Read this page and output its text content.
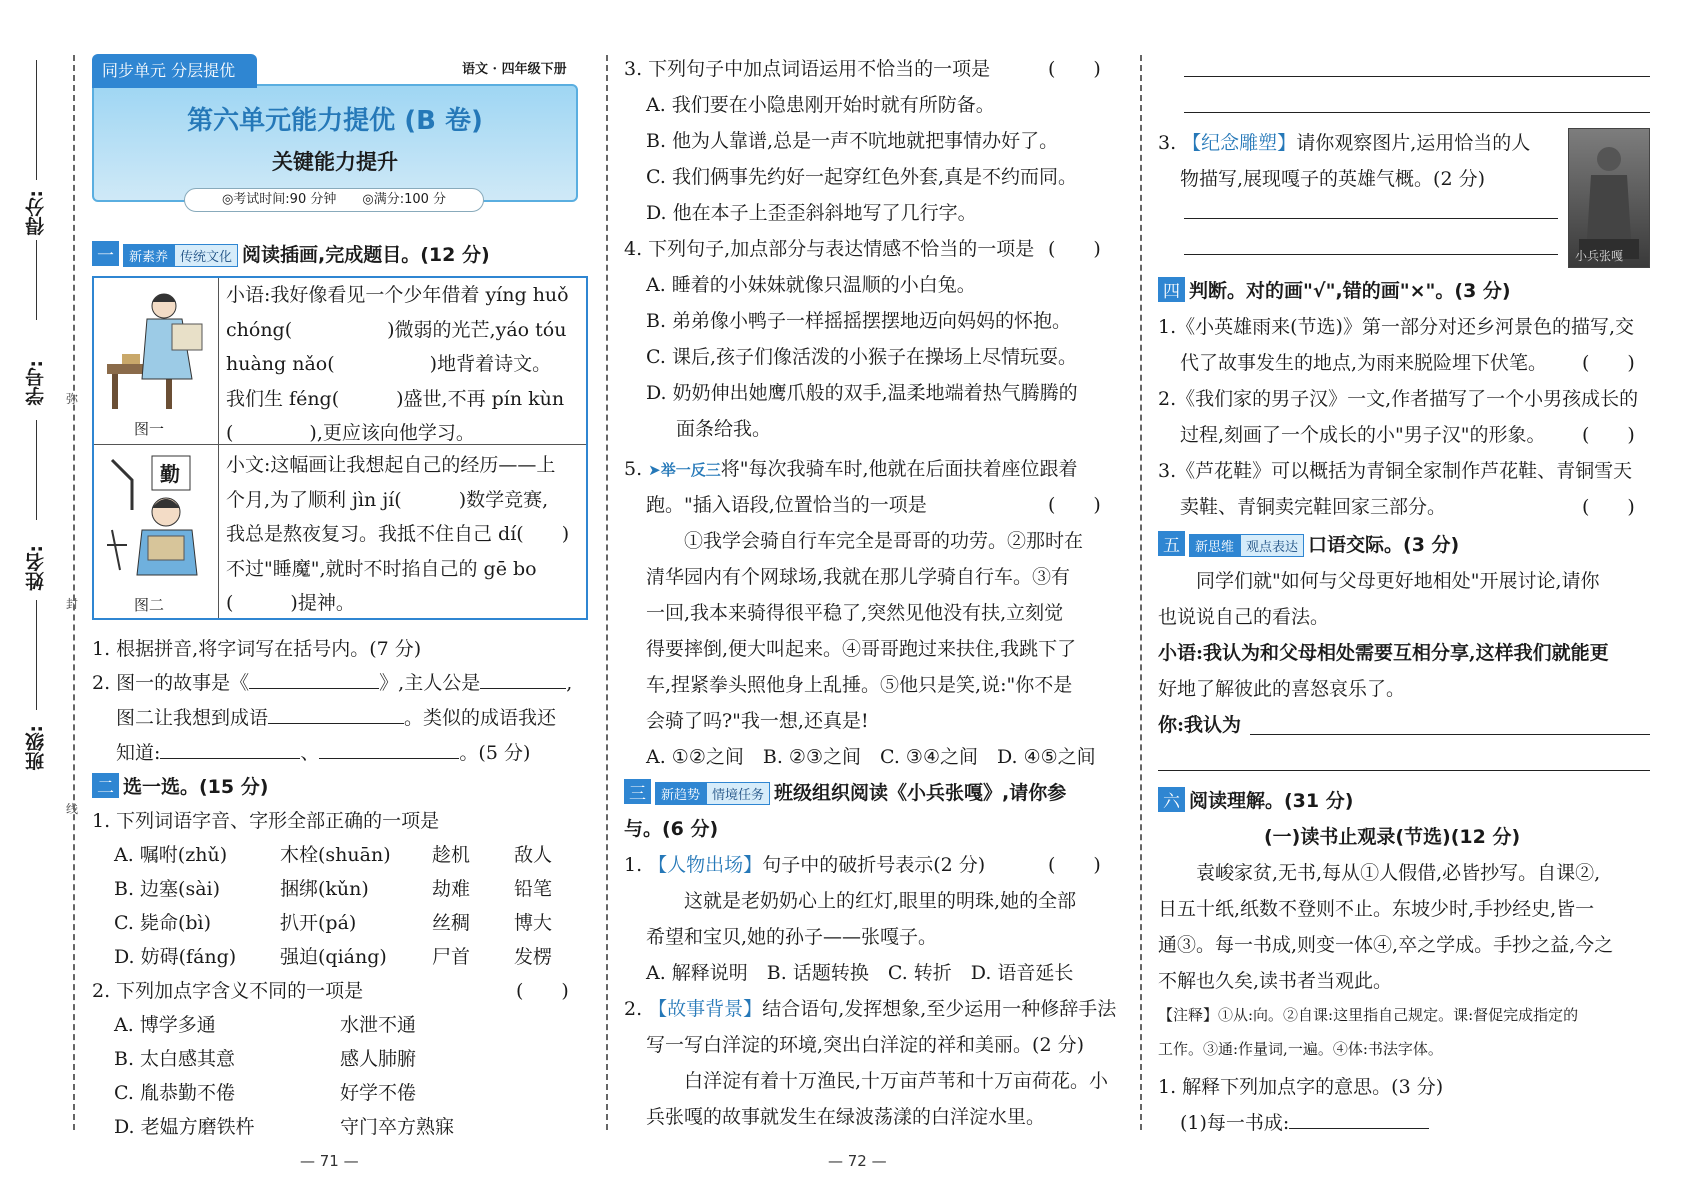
得分:
学号:
姓名:
班级:
弥
封
线
同步单元 分层提优	语文 · 四年级下册
第六单元能力提优 (B 卷)
关键能力提升
◎考试时间:90 分钟　　◎满分:100 分
一 新素养 传统文化 阅读插画,完成题目。(12 分)
图一
勤
图二
小语:我好像看见一个少年借着 yíng huǒ
chóng(　　　　　)微弱的光芒,yáo tóu
huàng nǎo(　　　　　)地背着诗文。
我们生 féng(　　　)盛世,不再 pín kùn
(　　　　),更应该向他学习。
小文:这幅画让我想起自己的经历——上
个月,为了顺利 jìn jí(　　　)数学竞赛,
我总是熬夜复习。我抵不住自己 dí(　　)
不过"睡魔",就时不时掐自己的 gē bo
(　　　)提神。
1. 根据拼音,将字词写在括号内。(7 分)
2. 图一的故事是《	》,主人公是	,
图二让我想到成语	。类似的成语我还
知道:	、	。(5 分)
二 选一选。(15 分)
1. 下列词语字音、字形全部正确的一项是
A. 嘱咐(zhǔ)	木栓(shuān) 趁机 敌人
B. 边塞(sài)	捆绑(kǔn)	劫难 铅笔
C. 毙命(bì)	扒开(pá)	丝稠 博大
D. 妨碍(fáng) 强迫(qiáng) 尸首 发楞
2. 下列加点字含义不同的一项是	(　　)
A. 博学多通	水泄不通
B. 太白感其意	感人肺腑
C. 胤恭勤不倦	好学不倦
D. 老媪方磨铁杵	守门卒方熟寐
— 71 —
3. 下列句子中加点词语运用不恰当的一项是	(　　)
A. 我们要在小隐患刚开始时就有所防备。
B. 他为人靠谱,总是一声不吭地就把事情办好了。
C. 我们俩事先约好一起穿红色外套,真是不约而同。
D. 他在本子上歪歪斜斜地写了几行字。
4. 下列句子,加点部分与表达情感不恰当的一项是 (　　)
A. 睡着的小妹妹就像只温顺的小白兔。
B. 弟弟像小鸭子一样摇摇摆摆地迈向妈妈的怀抱。
C. 课后,孩子们像活泼的小猴子在操场上尽情玩耍。
D. 奶奶伸出她鹰爪般的双手,温柔地端着热气腾腾的
面条给我。
5. ➤举一反三将"每次我骑车时,他就在后面扶着座位跟着
跑。"插入语段,位置恰当的一项是	(　　)
①我学会骑自行车完全是哥哥的功劳。②那时在
清华园内有个网球场,我就在那儿学骑自行车。③有
一回,我本来骑得很平稳了,突然见他没有扶,立刻觉
得要摔倒,便大叫起来。④哥哥跑过来扶住,我跳下了
车,捏紧拳头照他身上乱捶。⑤他只是笑,说:"你不是
会骑了吗?"我一想,还真是!
A. ①②之间　B. ②③之间　C. ③④之间　D. ④⑤之间
三 新趋势 情境任务 班级组织阅读《小兵张嘎》,请你参
与。(6 分)
1. 【人物出场】句子中的破折号表示(2 分)	(　　)
这就是老奶奶心上的红灯,眼里的明珠,她的全部
希望和宝贝,她的孙子——张嘎子。
A. 解释说明　B. 话题转换　C. 转折　D. 语音延长
2. 【故事背景】结合语句,发挥想象,至少运用一种修辞手法
写一写白洋淀的环境,突出白洋淀的祥和美丽。(2 分)
白洋淀有着十万渔民,十万亩芦苇和十万亩荷花。小
兵张嘎的故事就发生在绿波荡漾的白洋淀水里。
— 72 —
3. 【纪念雕塑】请你观察图片,运用恰当的人
物描写,展现嘎子的英雄气概。(2 分)
小兵张嘎
四 判断。对的画"√",错的画"×"。(3 分)
1.《小英雄雨来(节选)》第一部分对还乡河景色的描写,交
代了故事发生的地点,为雨来脱险埋下伏笔。 (　　)
2.《我们家的男子汉》一文,作者描写了一个小男孩成长的
过程,刻画了一个成长的小"男子汉"的形象。 (　　)
3.《芦花鞋》可以概括为青铜全家制作芦花鞋、青铜雪天
卖鞋、青铜卖完鞋回家三部分。	(　　)
五 新思维 观点表达 口语交际。(3 分)
同学们就"如何与父母更好地相处"开展讨论,请你
也说说自己的看法。
小语:我认为和父母相处需要互相分享,这样我们就能更
好地了解彼此的喜怒哀乐了。
你:我认为
六 阅读理解。(31 分)
(一)读书止观录(节选)(12 分)
袁峻家贫,无书,每从①人假借,必皆抄写。自课②,
日五十纸,纸数不登则不止。东坡少时,手抄经史,皆一
通③。每一书成,则变一体④,卒之学成。手抄之益,今之
不解也久矣,读书者当观此。
【注释】①从:向。②自课:这里指自己规定。课:督促完成指定的
工作。③通:作量词,一遍。④体:书法字体。
1. 解释下列加点字的意思。(3 分)
(1)每一书成:
